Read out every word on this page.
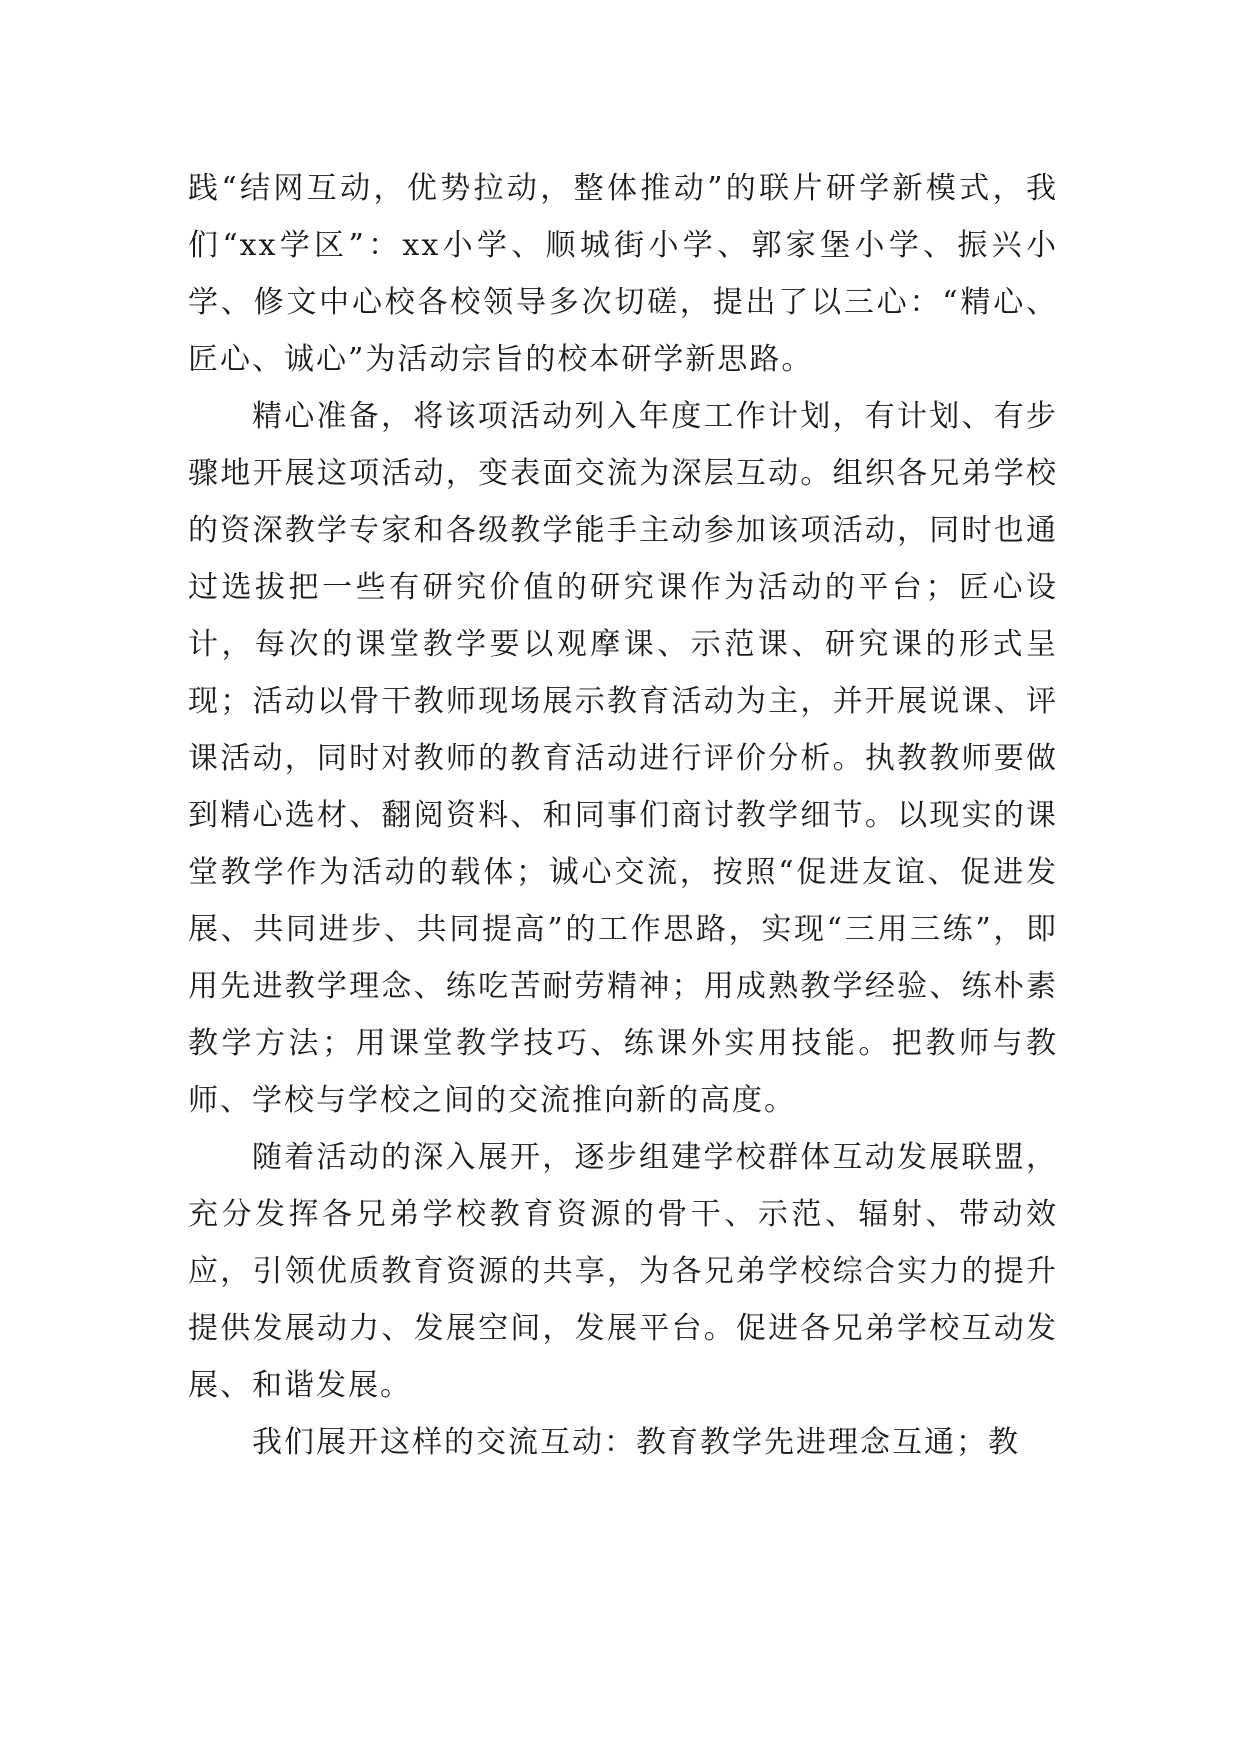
践“结网互动，优势拉动，整体推动”的联片研学新模式，我们“xx学区”：xx小学、顺城街小学、郭家堡小学、振兴小学、修文中心校各校领导多次切磋，提出了以三心：“精心、匠心、诚心”为活动宗旨的校本研学新思路。

精心准备，将该项活动列入年度工作计划，有计划、有步骤地开展这项活动，变表面交流为深层互动。组织各兄弟学校的资深教学专家和各级教学能手主动参加该项活动，同时也通过选拔把一些有研究价值的研究课作为活动的平台；匠心设计，每次的课堂教学要以观摩课、示范课、研究课的形式呈现；活动以骨干教师现场展示教育活动为主，并开展说课、评课活动，同时对教师的教育活动进行评价分析。执教教师要做到精心选材、翻阅资料、和同事们商讨教学细节。以现实的课堂教学作为活动的载体；诚心交流，按照“促进友谊、促进发展、共同进步、共同提高”的工作思路，实现“三用三练”，即用先进教学理念、练吃苦耐劳精神；用成熟教学经验、练朴素教学方法；用课堂教学技巧、练课外实用技能。把教师与教师、学校与学校之间的交流推向新的高度。

随着活动的深入展开，逐步组建学校群体互动发展联盟，充分发挥各兄弟学校教育资源的骨干、示范、辐射、带动效应，引领优质教育资源的共享，为各兄弟学校综合实力的提升提供发展动力、发展空间，发展平台。促进各兄弟学校互动发展、和谐发展。

我们展开这样的交流互动：教育教学先进理念互通；教
